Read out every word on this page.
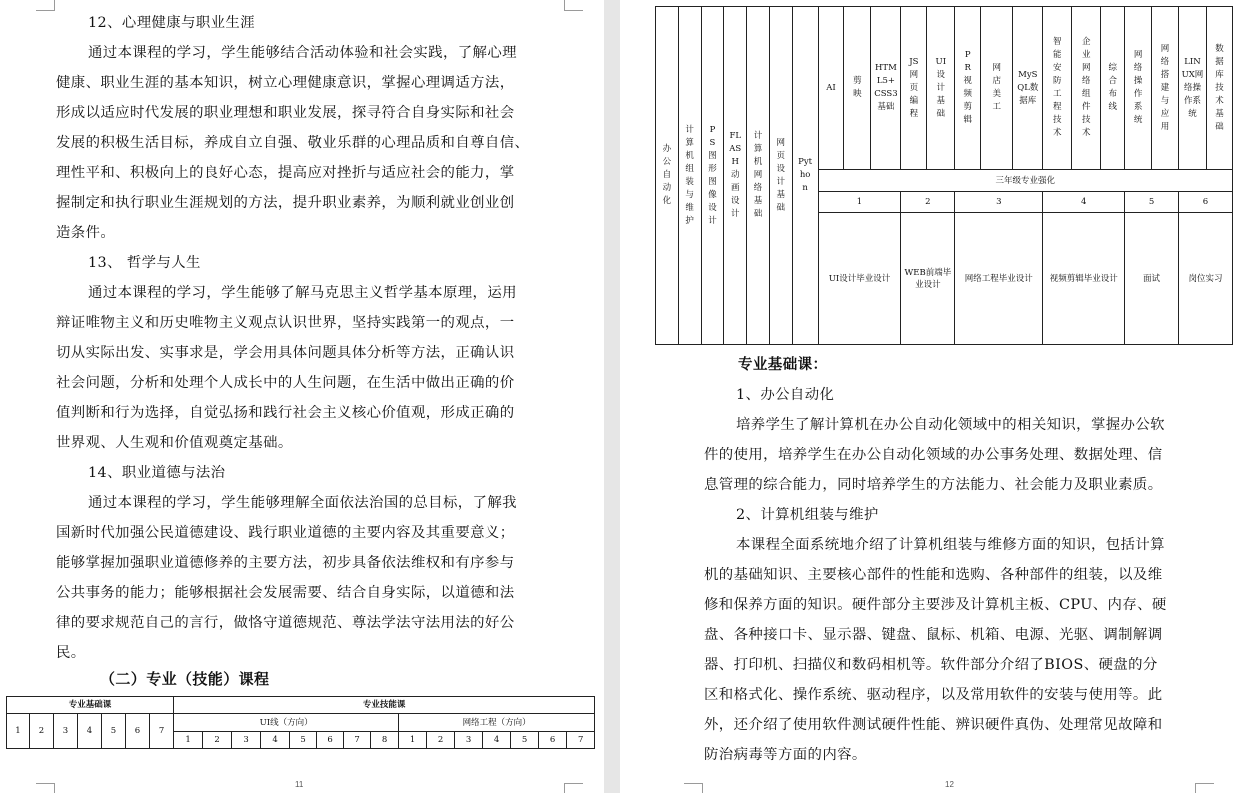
12、心理健康与职业生涯

通过本课程的学习，学生能够结合活动体验和社会实践，了解心理
健康、职业生涯的基本知识，树立心理健康意识，掌握心理调适方法，
形成以适应时代发展的职业理想和职业发展，探寻符合自身实际和社会
发展的积极生活目标，养成自立自强、敬业乐群的心理品质和自尊自信、
理性平和、积极向上的良好心态，提高应对挫折与适应社会的能力，掌
握制定和执行职业生涯规划的方法，提升职业素养，为顺利就业创业创
造条件。

13、 哲学与人生

通过本课程的学习，学生能够了解马克思主义哲学基本原理，运用
辩证唯物主义和历史唯物主义观点认识世界，坚持实践第一的观点，一
切从实际出发、实事求是，学会用具体问题具体分析等方法，正确认识
社会问题，分析和处理个人成长中的人生问题，在生活中做出正确的价
值判断和行为选择，自觉弘扬和践行社会主义核心价值观，形成正确的
世界观、人生观和价值观奠定基础。

14、职业道德与法治

通过本课程的学习，学生能够理解全面依法治国的总目标，了解我
国新时代加强公民道德建设、践行职业道德的主要内容及其重要意义；
能够掌握加强职业道德修养的主要方法，初步具备依法维权和有序参与
公共事务的能力；能够根据社会发展需要、结合自身实际，以道德和法
律的要求规范自己的言行，做恪守道德规范、尊法学法守法用法的好公
民。

（二）专业（技能）课程

专业基础课							专业技能课														
1	2	3	4	5	6	7	UI线（方向）								网络工程（方向）						
							1	2	3	4	5	6	7	8	1	2	3	4	5	6	7
11
办公自动化	计算机组装与维护	PS图形图像设计	FLASH动画设计	计算机网络基础	网页设计基础	Python	AI	剪映	HTML5+CSS3基础	JS网页编程	UI设计基础	PR视频剪辑	网店美工	MySQL数据库	智能安防工程技术	企业网络组件技术	综合布线	网络操作系统	网络搭建与应用	LINUX网络操作系统	数据库技术基础
							三年级专业强化														
							1			2		3			4			5		6	
							UI设计毕业设计			WEB前端毕业设计		网络工程毕业设计			视频剪辑毕业设计			面试		岗位实习	

专业基础课：

1、办公自动化

培养学生了解计算机在办公自动化领域中的相关知识，掌握办公软
件的使用，培养学生在办公自动化领域的办公事务处理、数据处理、信
息管理的综合能力，同时培养学生的方法能力、社会能力及职业素质。

2、计算机组装与维护

本课程全面系统地介绍了计算机组装与维修方面的知识，包括计算
机的基础知识、主要核心部件的性能和选购、各种部件的组装，以及维
修和保养方面的知识。硬件部分主要涉及计算机主板、CPU、内存、硬
盘、各种接口卡、显示器、键盘、鼠标、机箱、电源、光驱、调制解调
器、打印机、扫描仪和数码相机等。软件部分介绍了BIOS、硬盘的分
区和格式化、操作系统、驱动程序，以及常用软件的安装与使用等。此
外，还介绍了使用软件测试硬件性能、辨识硬件真伪、处理常见故障和
防治病毒等方面的内容。
12
